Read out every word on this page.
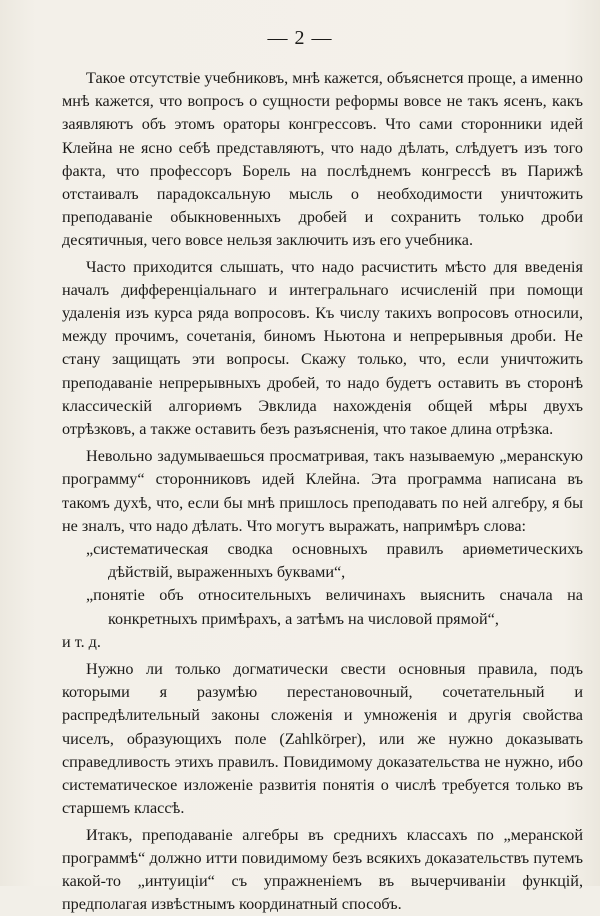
— 2 —

Такое отсутствіе учебниковъ, мнѣ кажется, объяснется проще, а именно мнѣ кажется, что вопросъ о сущности реформы вовсе не такъ ясенъ, какъ заявляютъ объ этомъ ораторы конгрессовъ. Что сами сторонники идей Клейна не ясно себѣ представляютъ, что надо дѣлать, слѣдуетъ изъ того факта, что профессоръ Борель на послѣднемъ конгрессѣ въ Парижѣ отстаивалъ парадоксальную мысль о необходимости уничтожить преподаваніе обыкновенныхъ дробей и сохранить только дроби десятичныя, чего вовсе нельзя заключить изъ его учебника.

Часто приходится слышать, что надо расчистить мѣсто для введенія началъ дифференціальнаго и интегральнаго исчисленій при помощи удаленія изъ курса ряда вопросовъ. Къ числу такихъ вопросовъ относили, между прочимъ, сочетанія, биномъ Ньютона и непрерывныя дроби. Не стану защищать эти вопросы. Скажу только, что, если уничтожить преподаваніе непрерывныхъ дробей, то надо будетъ оставить въ сторонѣ классическій алгориѳмъ Эвклида нахожденія общей мѣры двухъ отрѣзковъ, а также оставить безъ разъясненія, что такое длина отрѣзка.

Невольно задумываешься просматривая, такъ называемую „меранскую программу“ сторонниковъ идей Клейна. Эта программа написана въ такомъ духѣ, что, если бы мнѣ пришлось преподавать по ней алгебру, я бы не зналъ, что надо дѣлать. Что могутъ выражать, напримѣръ слова:

„систематическая сводка основныхъ правилъ ариѳметическихъ дѣйствій, выраженныхъ буквами“,

„понятіе объ относительныхъ величинахъ выяснить сначала на конкретныхъ примѣрахъ, а затѣмъ на числовой прямой“,

и т. д.

Нужно ли только догматически свести основныя правила, подъ которыми я разумѣю перестановочный, сочетательный и распредѣлительный законы сложенія и умноженія и другія свойства чиселъ, образующихъ поле (Zahlkörper), или же нужно доказывать справедливость этихъ правилъ. Повидимому доказательства не нужно, ибо систематическое изложеніе развитія понятія о числѣ требуется только въ старшемъ классѣ.

Итакъ, преподаваніе алгебры въ среднихъ классахъ по „меранской программѣ“ должно итти повидимому безъ всякихъ доказательствъ путемъ какой-то „интуиціи“ съ упражненіемъ въ вычерчиваніи функцій, предполагая извѣстнымъ координатный способъ.
